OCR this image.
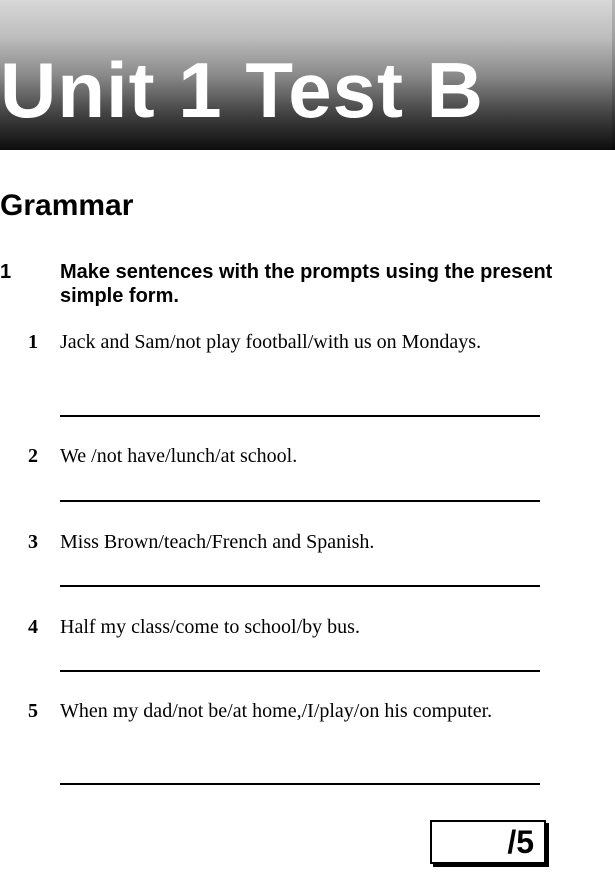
Unit 1 Test B
Grammar
1 Make sentences with the prompts using the present simple form.
1	Jack and Sam/not play football/with us on Mondays.
2	We /not have/lunch/at school.
3	Miss Brown/teach/French and Spanish.
4	Half my class/come to school/by bus.
5	When my dad/not be/at home,/I/play/on his computer.
/5
